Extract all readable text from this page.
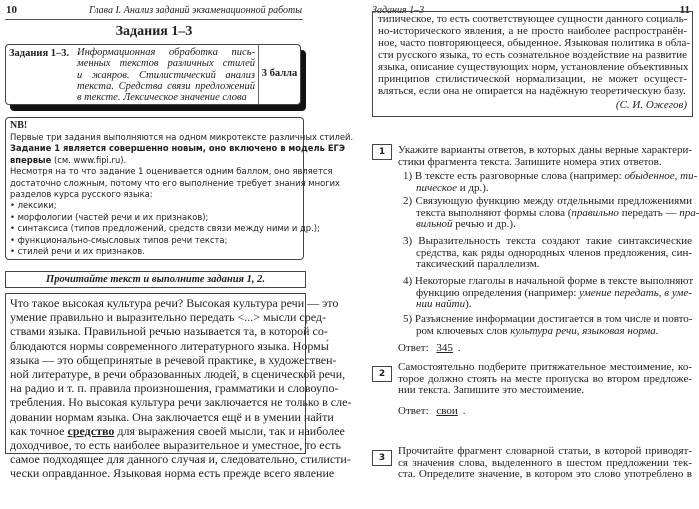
10	Глава I. Анализ заданий экзаменационной работы
Задания 1–3
Задания 1–3. Информационная обработка пись-
менных текстов различных стилей
и жанров. Стилистический анализ
текста. Средства связи предложений
в тексте. Лексическое значение слова
3 балла
NB!
Первые три задания выполняются на одном микротексте различных стилей.
Задание 1 является совершенно новым, оно включено в модель ЕГЭ
впервые (см. www.fipi.ru).
Несмотря на то что задание 1 оценивается одним баллом, оно является
достаточно сложным, потому что его выполнение требует знания многих
разделов курса русского языка:
• лексики;
• морфологии (частей речи и их признаков);
• синтаксиса (типов предложений, средств связи между ними и др.);
• функционально-смысловых типов речи текста;
• стилей речи и их признаков.
Прочитайте текст и выполните задания 1, 2.
Что такое высокая культура речи? Высокая культура речи — это
умение правильно и выразительно передать <...> мысли сред-
ствами языка. Правильной речью называется та, в которой со-
блюдаются нормы современного литературного языка. Нормы́
языка — это общепринятые в речевой практике, в художествен-
ной литературе, в речи образованных людей, в сценической речи,
на радио и т. п. правила произношения, грамматики и словоупо-
требления. Но высокая культура речи заключается не только в сле-
довании нормам языка. Она заключается ещё и в умении найти
как точное средство для выражения своей мысли, так и наиболее
доходчивое, то есть наиболее выразительное и уместное, то есть
самое подходящее для данного случая и, следовательно, стилисти-
чески оправданное. Языковая норма есть прежде всего явление
Задания 1–3	11
типическое, то есть соответствующее сущности данного социаль-
но-исторического явления, а не просто наиболее распространён-
ное, часто повторяющееся, обыденное. Языковая политика в обла-
сти русского языка, то есть сознательное воздействие на развитие
языка, описание существующих норм, установление объективных
принципов стилистической нормализации, не может осущест-
вляться, если она не опирается на надёжную теоретическую базу.
(С. И. Ожегов)
1	Укажите варианты ответов, в которых даны верные характери-
стики фрагмента текста. Запишите номера этих ответов.
1) В тексте есть разговорные слова (например: обыденное, ти-
пическое и др.).
2) Связующую функцию между отдельными предложениями
текста выполняют формы слова (правильно передать — пра-
вильной речью и др.).
3) Выразительность текста создают такие синтаксические
средства, как ряды однородных членов предложения, син-
таксический параллелизм.
4) Некоторые глаголы в начальной форме в тексте выполняют
функцию определения (например: умение передать, в уме-
нии найти).
5) Разъяснение информации достигается в том числе и повто-
ром ключевых слов культура речи, языковая норма.
Ответ: 345 .
2
Самостоятельно подберите притяжательное местоимение, ко-
торое должно стоять на месте пропуска во втором предложе-
нии текста. Запишите это местоимение.
Ответ: свои .
3
Прочитайте фрагмент словарной статьи, в которой приводят-
ся значения слова, выделенного в шестом предложении тек-
ста. Определите значение, в котором это слово употреблено в
